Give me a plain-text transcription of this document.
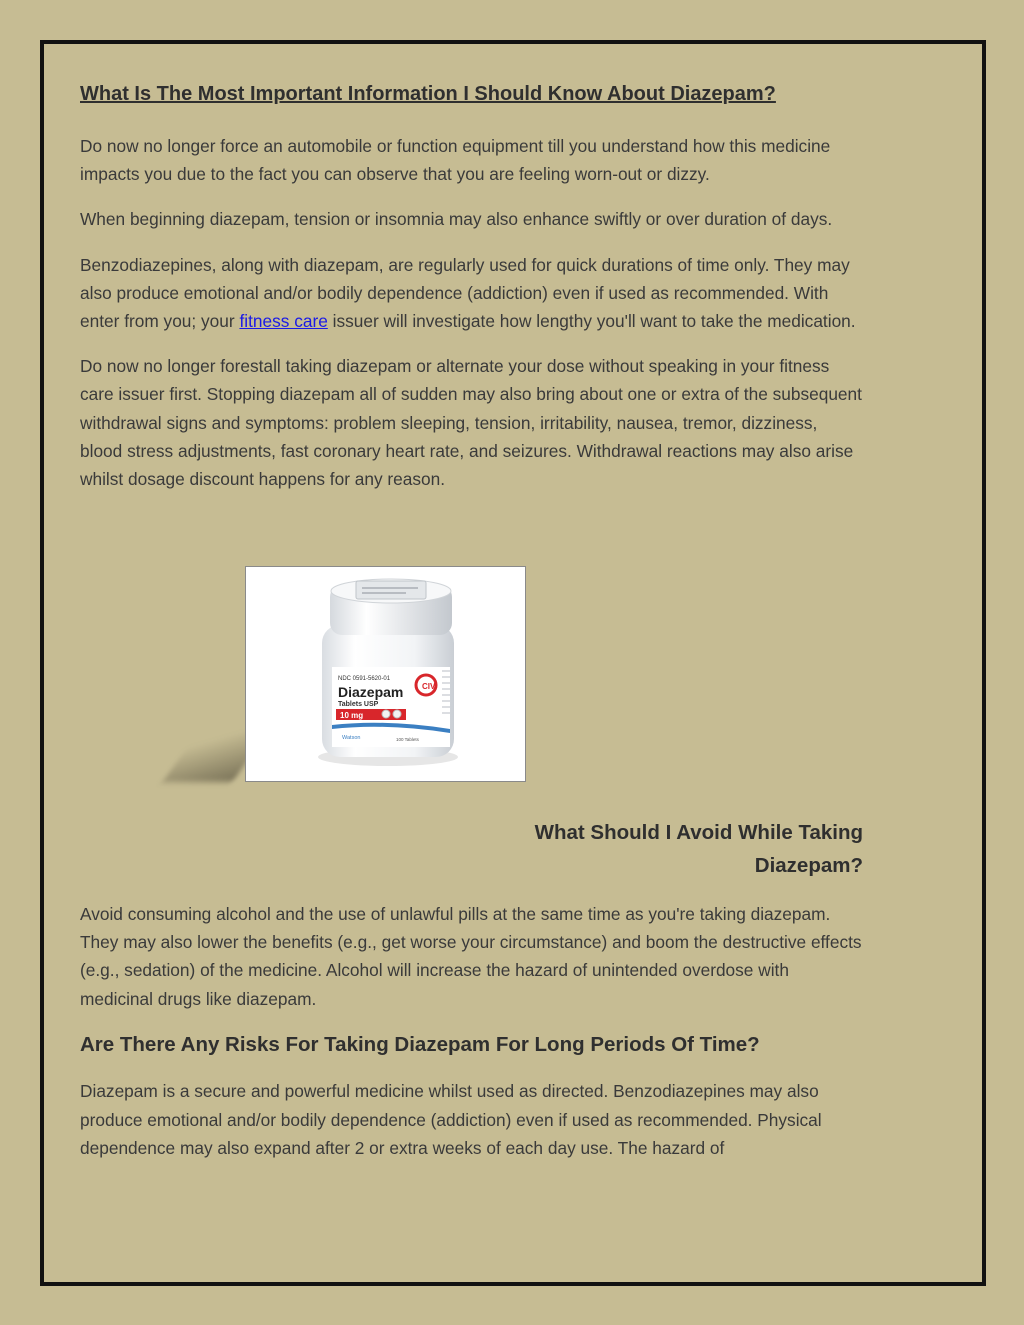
What Is The Most Important Information I Should Know About Diazepam?

Do now no longer force an automobile or function equipment till you understand how this medicine impacts you due to the fact you can observe that you are feeling worn-out or dizzy.

When beginning diazepam, tension or insomnia may also enhance swiftly or over duration of days.

Benzodiazepines, along with diazepam, are regularly used for quick durations of time only. They may also produce emotional and/or bodily dependence (addiction) even if used as recommended. With enter from you; your fitness care issuer will investigate how lengthy you'll want to take the medication.

Do now no longer forestall taking diazepam or alternate your dose without speaking in your fitness care issuer first. Stopping diazepam all of sudden may also bring about one or extra of the subsequent withdrawal signs and symptoms: problem sleeping, tension, irritability, nausea, tremor, dizziness, blood stress adjustments, fast coronary heart rate, and seizures. Withdrawal reactions may also arise whilst dosage discount happens for any reason.

NDC 0591-5620-01
Diazepam
Tablets USP
10 mg
CIV
Watson	100 Tablets
What Should I Avoid While Taking
Diazepam?

Avoid consuming alcohol and the use of unlawful pills at the same time as you're taking diazepam. They may also lower the benefits (e.g., get worse your circumstance) and boom the destructive effects (e.g., sedation) of the medicine. Alcohol will increase the hazard of unintended overdose with medicinal drugs like diazepam.

Are There Any Risks For Taking Diazepam For Long Periods Of Time?

Diazepam is a secure and powerful medicine whilst used as directed. Benzodiazepines may also produce emotional and/or bodily dependence (addiction) even if used as recommended. Physical dependence may also expand after 2 or extra weeks of each day use. The hazard of
